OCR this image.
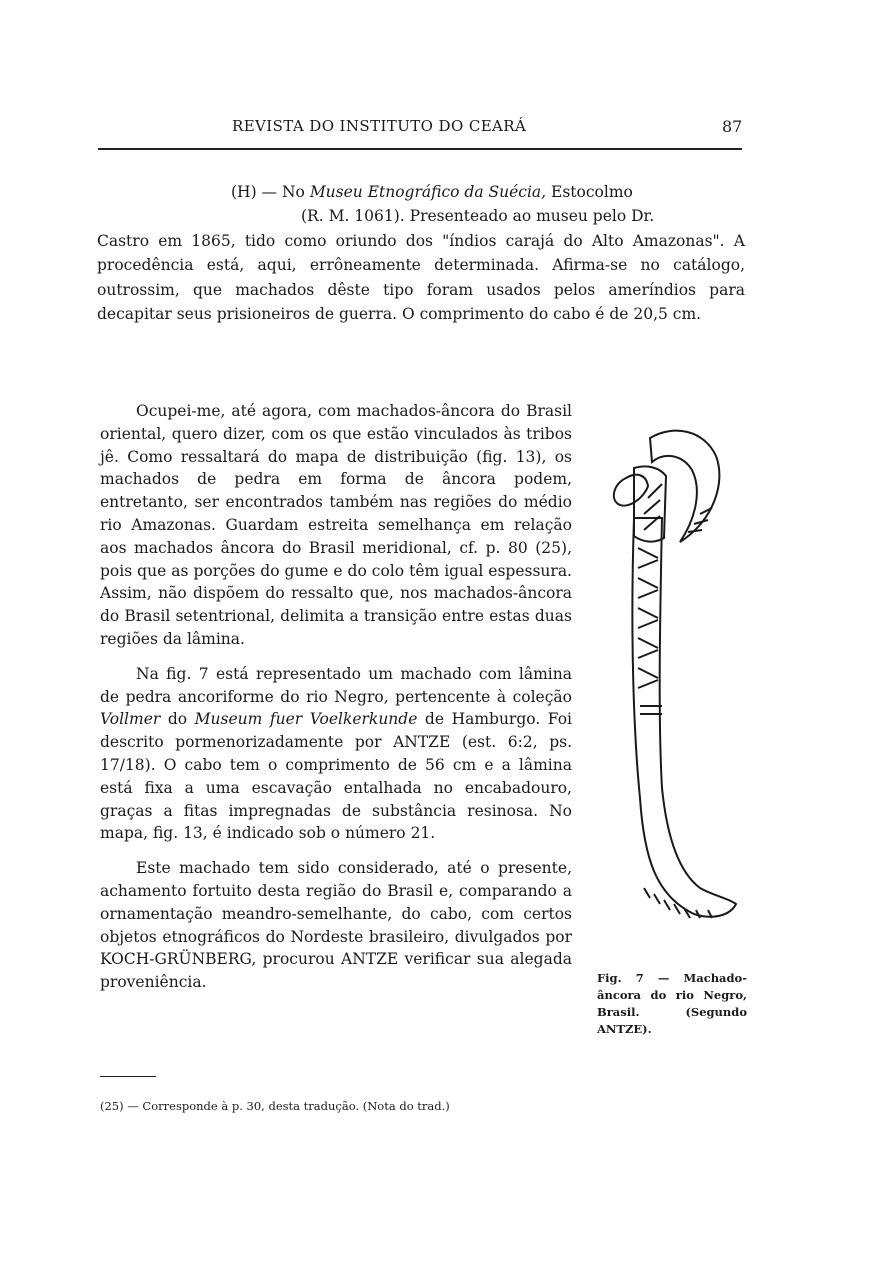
REVISTA DO INSTITUTO DO CEARÁ	87
(H) — No Museu Etnográfico da Suécia, Estocolmo
(R. M. 1061). Presenteado ao museu pelo Dr.
Castro em 1865, tido como oriundo dos "índios carajá do Alto Amazonas". A procedência está, aqui, errôneamente determinada. Afirma-se no catálogo, outrossim, que machados dêste tipo foram usados pelos ameríndios para decapitar seus prisioneiros de guerra. O comprimento do cabo é de 20,5 cm.

Ocupei-me, até agora, com machados-âncora do Brasil oriental, quero dizer, com os que estão vinculados às tribos jê. Como ressaltará do mapa de distribuição (fig. 13), os machados de pedra em forma de âncora podem, entretanto, ser encontrados também nas regiões do médio rio Amazonas. Guardam estreita semelhança em relação aos machados âncora do Brasil meridional, cf. p. 80 (25), pois que as porções do gume e do colo têm igual espessura. Assim, não dispõem do ressalto que, nos machados-âncora do Brasil setentrional, delimita a transição entre estas duas regiões da lâmina.

Na fig. 7 está representado um machado com lâmina de pedra ancoriforme do rio Negro, pertencente à coleção Vollmer do Museum fuer Voelkerkunde de Hamburgo. Foi descrito pormenorizadamente por ANTZE (est. 6:2, ps. 17/18). O cabo tem o comprimento de 56 cm e a lâmina está fixa a uma escavação entalhada no encabadouro, graças a fitas impregnadas de substância resinosa. No mapa, fig. 13, é indicado sob o número 21.

Este machado tem sido considerado, até o presente, achamento fortuito desta região do Brasil e, comparando a ornamentação meandro-semelhante, do cabo, com certos objetos etnográficos do Nordeste brasileiro, divulgados por KOCH-GRÜNBERG, procurou ANTZE verificar sua alegada proveniência.	Fig. 7 — Machado-âncora do rio Negro, Brasil. (Segundo ANTZE).
(25) — Corresponde à p. 30, desta tradução. (Nota do trad.)
